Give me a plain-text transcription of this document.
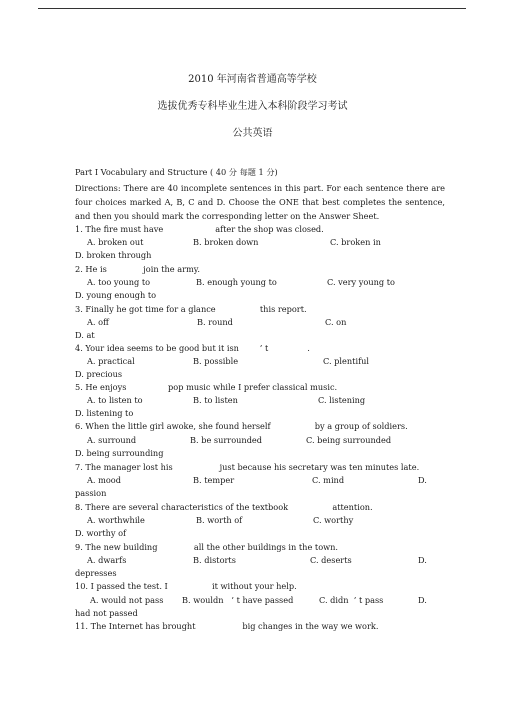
2010 年河南省普通高等学校
选拔优秀专科毕业生进入本科阶段学习考试
公共英语
Part Ⅰ Vocabulary and Structure ( 40 分 每题 1 分)
Directions: There are 40 incomplete sentences in this part. For each sentence there are
four choices marked A, B, C and D. Choose the ONE that best completes the sentence,
and then you should mark the corresponding letter on the Answer Sheet.
1. The fire must have                    after the shop was closed.
A. broken out	B. broken down	C. broken in
D. broken through
2. He is              join the army.
A. too young to	B. enough young to	C. very young to
D. young enough to
3. Finally he got time for a glance                 this report.
A. off	B. round	C. on
D. at
4. Your idea seems to be good but it isn        ’ t               .
A. practical	B. possible	C. plentiful
D. precious
5. He enjoys                pop music while I prefer classical music.
A. to listen to	B. to listen	C. listening
D. listening to
6. When the little girl awoke, she found herself                 by a group of soldiers.
A. surround	B. be surrounded	C. being surrounded
D. being surrounding
7. The manager lost his                  just because his secretary was ten minutes late.
A. mood	B. temper	C. mind	D.
passion
8. There are several characteristics of the textbook                 attention.
A. worthwhile	B. worth of	C. worthy
D. worthy of
9. The new building              all the other buildings in the town.
A. dwarfs	B. distorts	C. deserts	D.
depresses
10. I passed the test. I                 it without your help.
A. would not pass B. wouldn   ’ t have passed	C. didn  ’ t pass	D.
had not passed
11. The Internet has brought                  big changes in the way we work.
